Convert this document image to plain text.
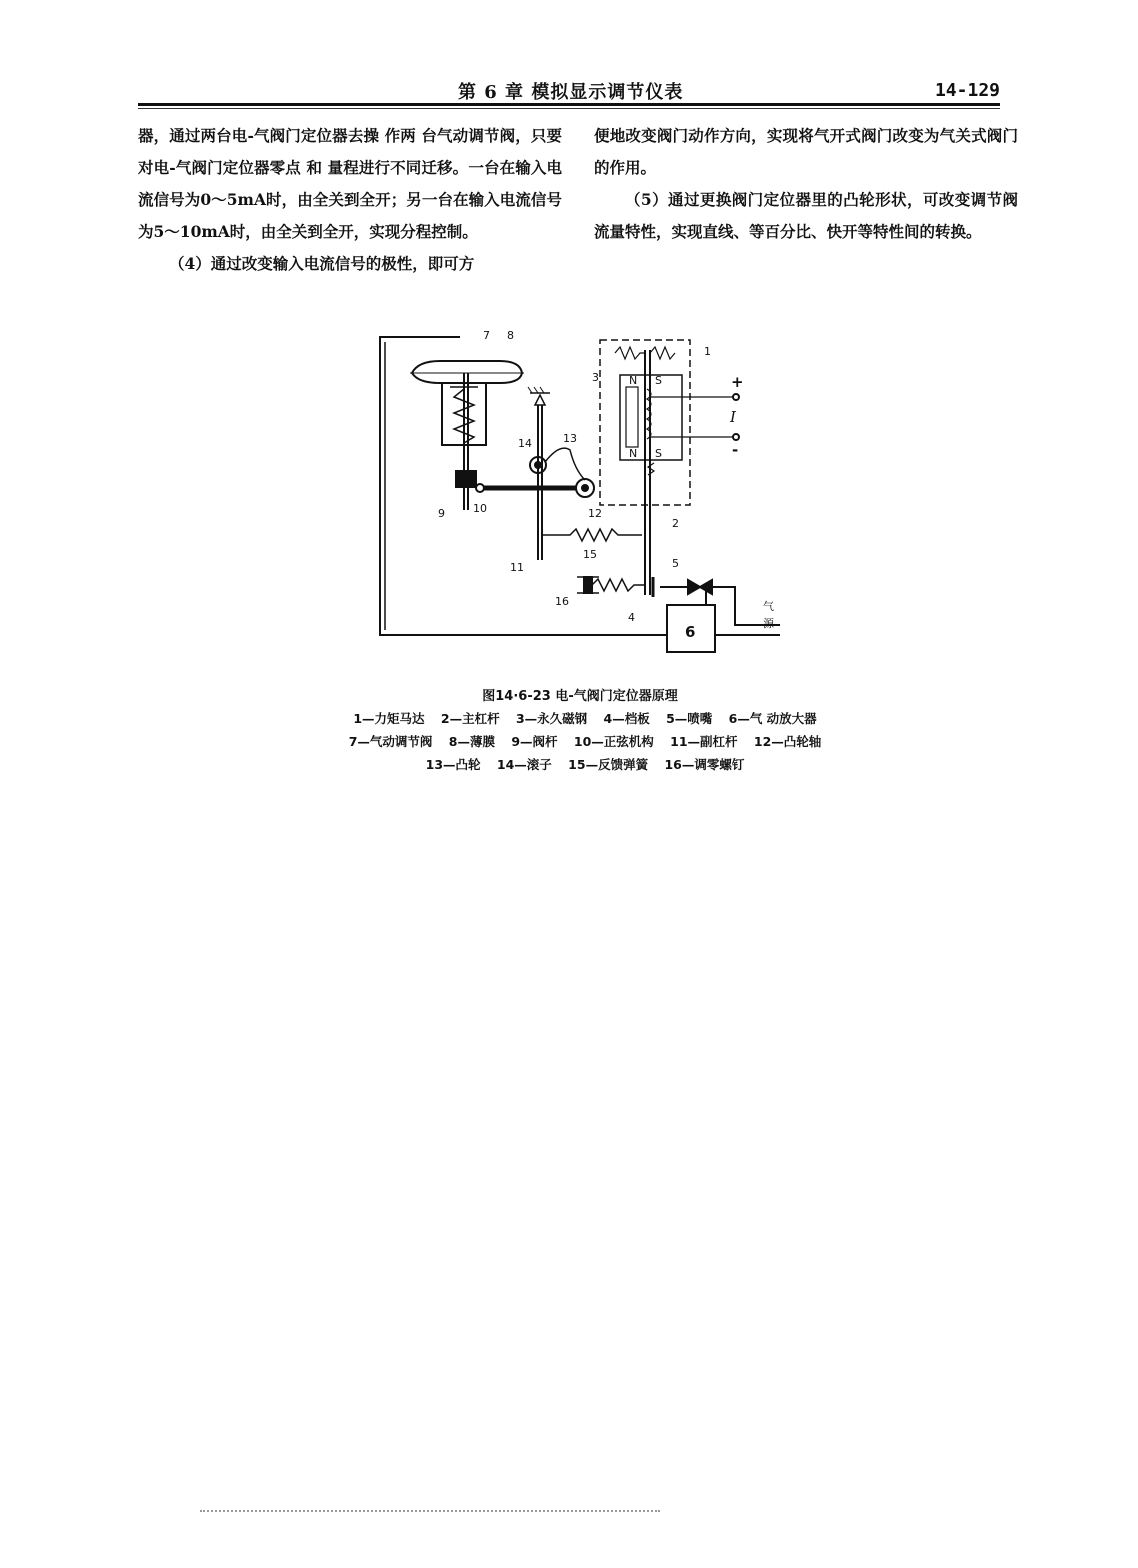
第 6 章 模拟显示调节仪表	14-129

器，通过两台电-气阀门定位器去操 作两 台气动调节阀，只要对电-气阀门定位器零点 和 量程进行不同迁移。一台在输入电流信号为0～5mA时，由全关到全开；另一台在输入电流信号为5～10mA时，由全关到全开，实现分程控制。

（4）通过改变输入电流信号的极性，即可方

便地改变阀门动作方向，实现将气开式阀门改变为气关式阀门的作用。

（5）通过更换阀门定位器里的凸轮形状，可改变调节阀流量特性，实现直线、等百分比、快开等特性间的转换。

7 8
1
3	+
I
-
N S
N S
14	13
9	10	12
2
15
11	5
16
4
6
气
源
图14·6-23 电-气阀门定位器原理
1—力矩马达 2—主杠杆 3—永久磁钢 4—档板 5—喷嘴 6—气 动放大器
7—气动调节阀 8—薄膜 9—阀杆 10—正弦机构 11—副杠杆 12—凸轮轴
13—凸轮 14—滚子 15—反馈弹簧 16—调零螺钉
